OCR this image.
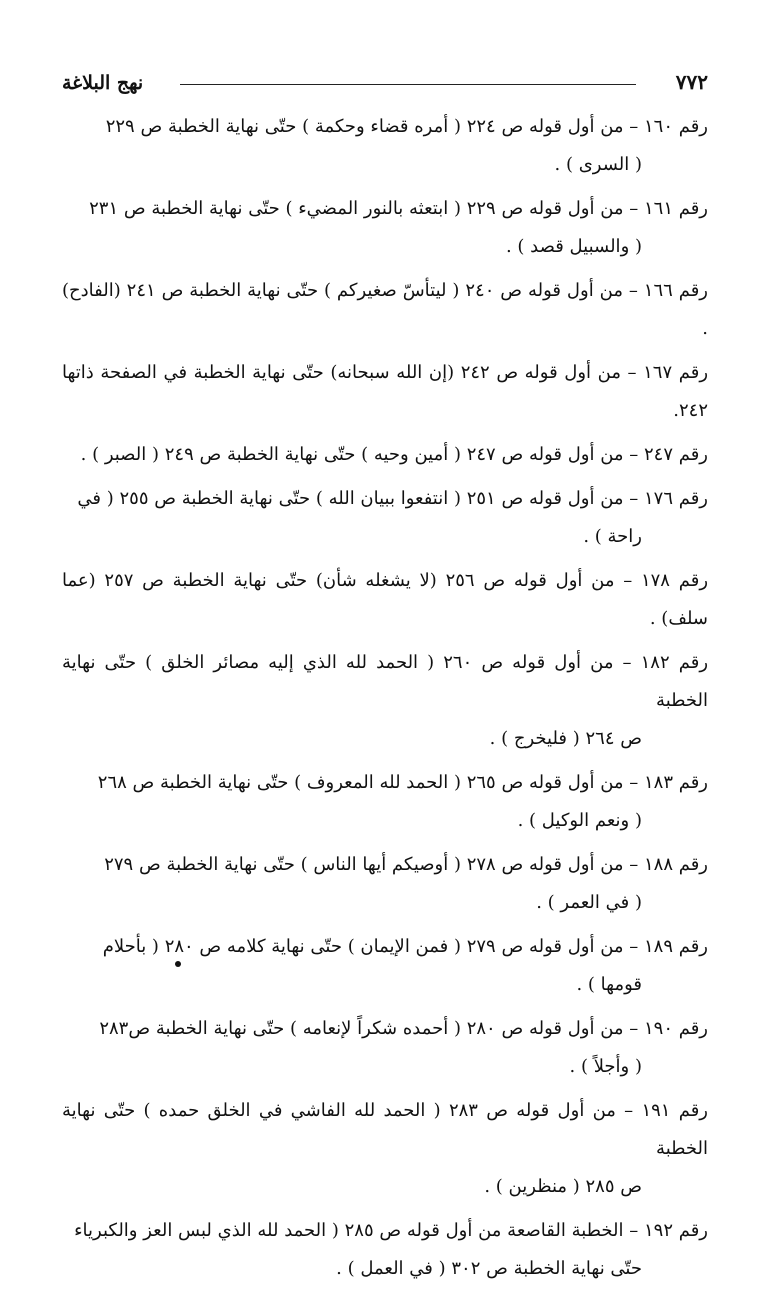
نهج البلاغة	٧٧٢

رقم ١٦٠ – من أول قوله ص ٢٢٤ ( أمره قضاء وحكمة ) حتّى نهاية الخطبة ص ٢٢٩
( السرى ) .

رقم ١٦١ – من أول قوله ص ٢٢٩ ( ابتعثه بالنور المضيء ) حتّى نهاية الخطبة ص ٢٣١
( والسبيل قصد ) .

رقم ١٦٦ – من أول قوله ص ٢٤٠ ( ليتأسّ صغيركم ) حتّى نهاية الخطبة ص ٢٤١ (الفادح) .

رقم ١٦٧ – من أول قوله ص ٢٤٢ (إن الله سبحانه) حتّى نهاية الخطبة في الصفحة ذاتها ٢٤٢.

رقم ٢٤٧ – من أول قوله ص ٢٤٧ ( أمين وحيه ) حتّى نهاية الخطبة ص ٢٤٩ ( الصبر ) .

رقم ١٧٦ – من أول قوله ص ٢٥١ ( انتفعوا ببيان الله ) حتّى نهاية الخطبة ص ٢٥٥ ( في
راحة ) .

رقم ١٧٨ – من أول قوله ص ٢٥٦ (لا يشغله شأن) حتّى نهاية الخطبة ص ٢٥٧ (عما سلف) .

رقم ١٨٢ – من أول قوله ص ٢٦٠ ( الحمد لله الذي إليه مصائر الخلق ) حتّى نهاية الخطبة
ص ٢٦٤ ( فليخرج ) .

رقم ١٨٣ – من أول قوله ص ٢٦٥ ( الحمد لله المعروف ) حتّى نهاية الخطبة ص ٢٦٨
( ونعم الوكيل ) .

رقم ١٨٨ – من أول قوله ص ٢٧٨ ( أوصيكم أيها الناس ) حتّى نهاية الخطبة ص ٢٧٩
( في العمر ) .

رقم ١٨٩ – من أول قوله ص ٢٧٩ ( فمن الإيمان ) حتّى نهاية كلامه ص ٢٨٠ ( بأحلام
قومها ) .

رقم ١٩٠ – من أول قوله ص ٢٨٠ ( أحمده شكراً لإنعامه ) حتّى نهاية الخطبة ص٢٨٣
( وأجلاً ) .

رقم ١٩١ – من أول قوله ص ٢٨٣ ( الحمد لله الفاشي في الخلق حمده ) حتّى نهاية الخطبة
ص ٢٨٥ ( منظرين ) .

رقم ١٩٢ – الخطبة القاصعة من أول قوله ص ٢٨٥ ( الحمد لله الذي لبس العز والكبرياء
حتّى نهاية الخطبة ص ٣٠٢ ( في العمل ) .
